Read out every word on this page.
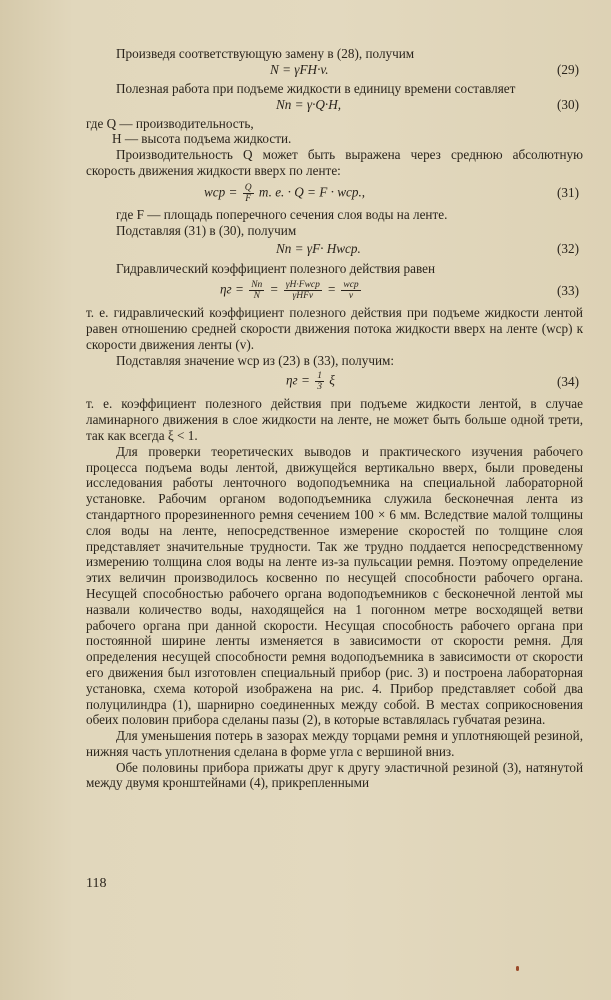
Произведя соответствующую замену в (28), получим

N = γFH·v.	(29)

Полезная работа при подъеме жидкости в единицу времени составляет

Nп = γ·Q·H,	(30)

где Q — производительность,

H — высота подъема жидкости.

Производительность Q может быть выражена через среднюю абсолютную скорость движения жидкости вверх по ленте:

wср = $\frac{Q}{F} т$. е. · Q = F · wср.,	(31)

где F — площадь поперечного сечения слоя воды на ленте.

Подставляя (31) в (30), получим

Nп = γF· Hwср.	(32)

Гидравлический коэффициент полезного действия равен

$\eta г = \frac{Nп}{N} = \frac{\text{γH·Fwср}}{\text{γHFv}} = \frac{\text{wср}}{v}$	(33)

т. е. гидравлический коэффициент полезного действия при подъеме жидкости лентой равен отношению средней скорости движения потока жидкости вверх на ленте (wср) к скорости движения ленты (v).

Подставляя значение wср из (23) в (33), получим:

$\eta г = \frac{1}{3}$ ξ	(34)

т. е. коэффициент полезного действия при подъеме жидкости лентой, в случае ламинарного движения в слое жидкости на ленте, не может быть больше одной трети, так как всегда ξ < 1.

Для проверки теоретических выводов и практического изучения рабочего процесса подъема воды лентой, движущейся вертикально вверх, были проведены исследования работы ленточного водоподъемника на специальной лабораторной установке. Рабочим органом водоподъемника служила бесконечная лента из стандартного прорезиненного ремня сечением 100 × 6 мм. Вследствие малой толщины слоя воды на ленте, непосредственное измерение скоростей по толщине слоя представляет значительные трудности. Так же трудно поддается непосредственному измерению толщина слоя воды на ленте из-за пульсации ремня. Поэтому определение этих величин производилось косвенно по несущей способности рабочего органа. Несущей способностью рабочего органа водоподъемников с бесконечной лентой мы назвали количество воды, находящейся на 1 погонном метре восходящей ветви рабочего органа при данной скорости. Несущая способность рабочего органа при постоянной ширине ленты изменяется в зависимости от скорости ремня. Для определения несущей способности ремня водоподъемника в зависимости от скорости его движения был изготовлен специальный прибор (рис. 3) и построена лабораторная установка, схема которой изображена на рис. 4. Прибор представляет собой два полуцилиндра (1), шарнирно соединенных между собой. В местах соприкосновения обеих половин прибора сделаны пазы (2), в которые вставлялась губчатая резина.

Для уменьшения потерь в зазорах между торцами ремня и уплотняющей резиной, нижняя часть уплотнения сделана в форме угла с вершиной вниз.

Обе половины прибора прижаты друг к другу эластичной резиной (3), натянутой между двумя кронштейнами (4), прикрепленными

118
